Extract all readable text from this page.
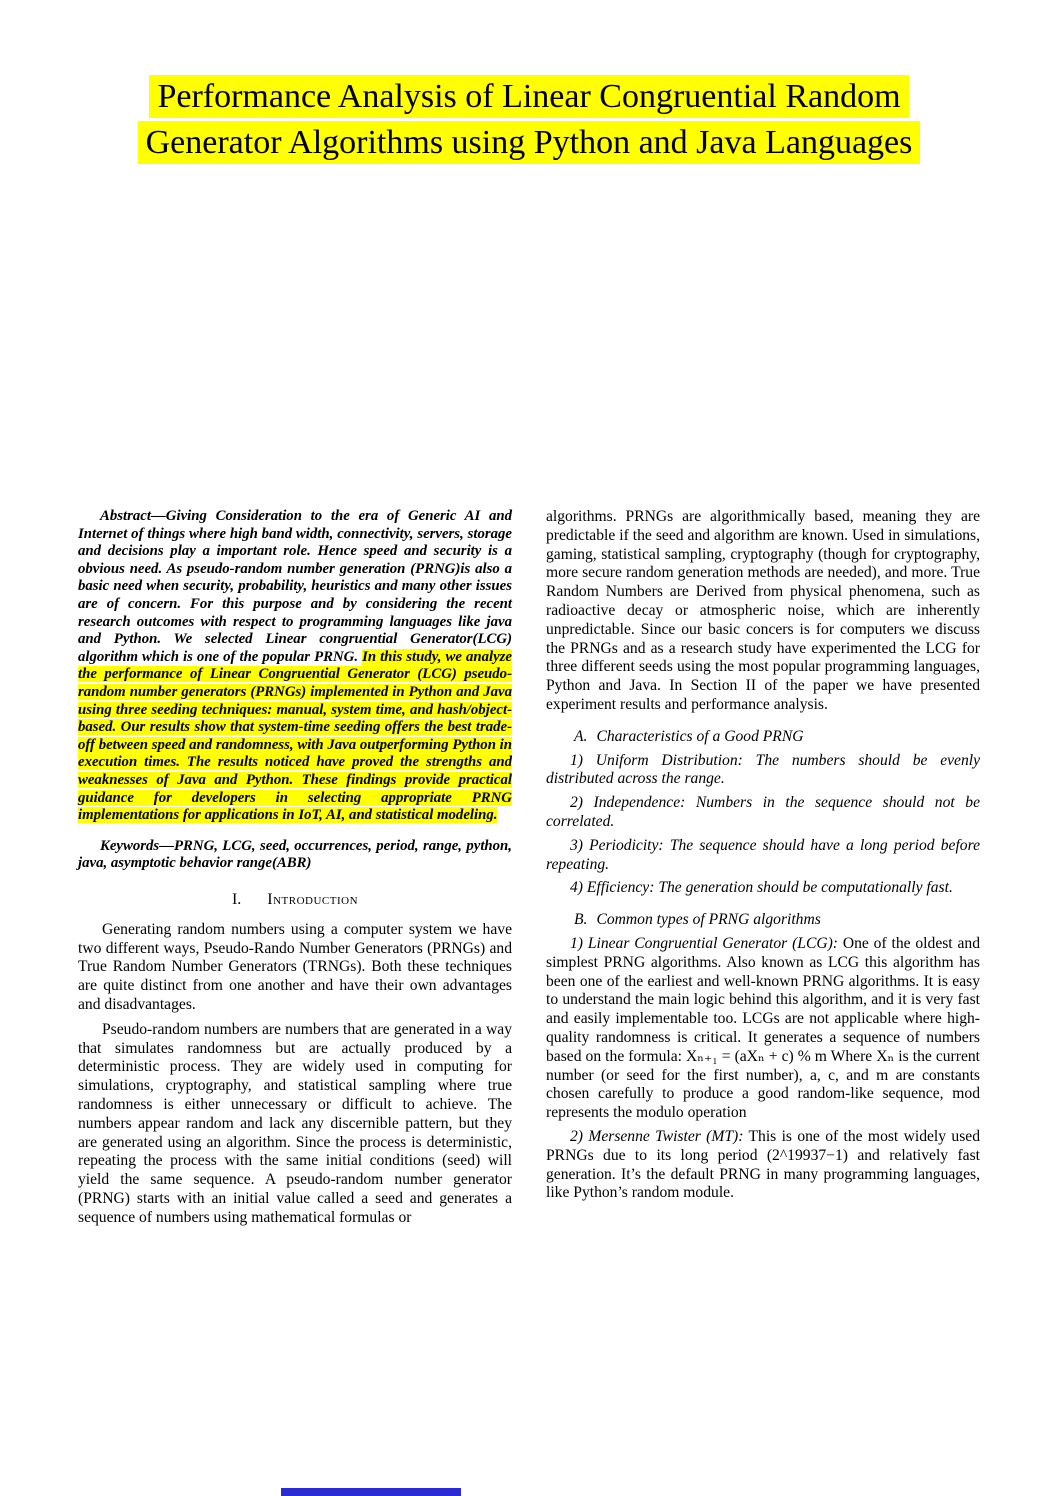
Performance Analysis of Linear Congruential Random Generator Algorithms using Python and Java Languages

Abstract—Giving Consideration to the era of Generic AI and Internet of things where high band width, connectivity, servers, storage and decisions play a important role. Hence speed and security is a obvious need. As pseudo-random number generation (PRNG)is also a basic need when security, probability, heuristics and many other issues are of concern. For this purpose and by considering the recent research outcomes with respect to programming languages like java and Python. We selected Linear congruential Generator(LCG) algorithm which is one of the popular PRNG. In this study, we analyze the performance of Linear Congruential Generator (LCG) pseudo-random number generators (PRNGs) implemented in Python and Java using three seeding techniques: manual, system time, and hash/object-based. Our results show that system-time seeding offers the best trade-off between speed and randomness, with Java outperforming Python in execution times. The results noticed have proved the strengths and weaknesses of Java and Python. These findings provide practical guidance for developers in selecting appropriate PRNG implementations for applications in IoT, AI, and statistical modeling.

Keywords—PRNG, LCG, seed, occurrences, period, range, python, java, asymptotic behavior range(ABR)

I. Introduction

Generating random numbers using a computer system we have two different ways, Pseudo-Rando Number Generators (PRNGs) and True Random Number Generators (TRNGs). Both these techniques are quite distinct from one another and have their own advantages and disadvantages.

Pseudo-random numbers are numbers that are generated in a way that simulates randomness but are actually produced by a deterministic process. They are widely used in computing for simulations, cryptography, and statistical sampling where true randomness is either unnecessary or difficult to achieve. The numbers appear random and lack any discernible pattern, but they are generated using an algorithm. Since the process is deterministic, repeating the process with the same initial conditions (seed) will yield the same sequence. A pseudo-random number generator (PRNG) starts with an initial value called a seed and generates a sequence of numbers using mathematical formulas or

algorithms. PRNGs are algorithmically based, meaning they are predictable if the seed and algorithm are known. Used in simulations, gaming, statistical sampling, cryptography (though for cryptography, more secure random generation methods are needed), and more. True Random Numbers are Derived from physical phenomena, such as radioactive decay or atmospheric noise, which are inherently unpredictable. Since our basic concers is for computers we discuss the PRNGs and as a research study have experimented the LCG for three different seeds using the most popular programming languages, Python and Java. In Section II of the paper we have presented experiment results and performance analysis.

A. Characteristics of a Good PRNG

1) Uniform Distribution: The numbers should be evenly distributed across the range.

2) Independence: Numbers in the sequence should not be correlated.

3) Periodicity: The sequence should have a long period before repeating.

4) Efficiency: The generation should be computationally fast.

B. Common types of PRNG algorithms

1) Linear Congruential Generator (LCG): One of the oldest and simplest PRNG algorithms. Also known as LCG this algorithm has been one of the earliest and well-known PRNG algorithms. It is easy to understand the main logic behind this algorithm, and it is very fast and easily implementable too. LCGs are not applicable where high-quality randomness is critical. It generates a sequence of numbers based on the formula: Xₙ₊₁ = (aXₙ + c) % m Where Xₙ is the current number (or seed for the first number), a, c, and m are constants chosen carefully to produce a good random-like sequence, mod represents the modulo operation

2) Mersenne Twister (MT): This is one of the most widely used PRNGs due to its long period (2^19937−1) and relatively fast generation. It’s the default PRNG in many programming languages, like Python’s random module.
